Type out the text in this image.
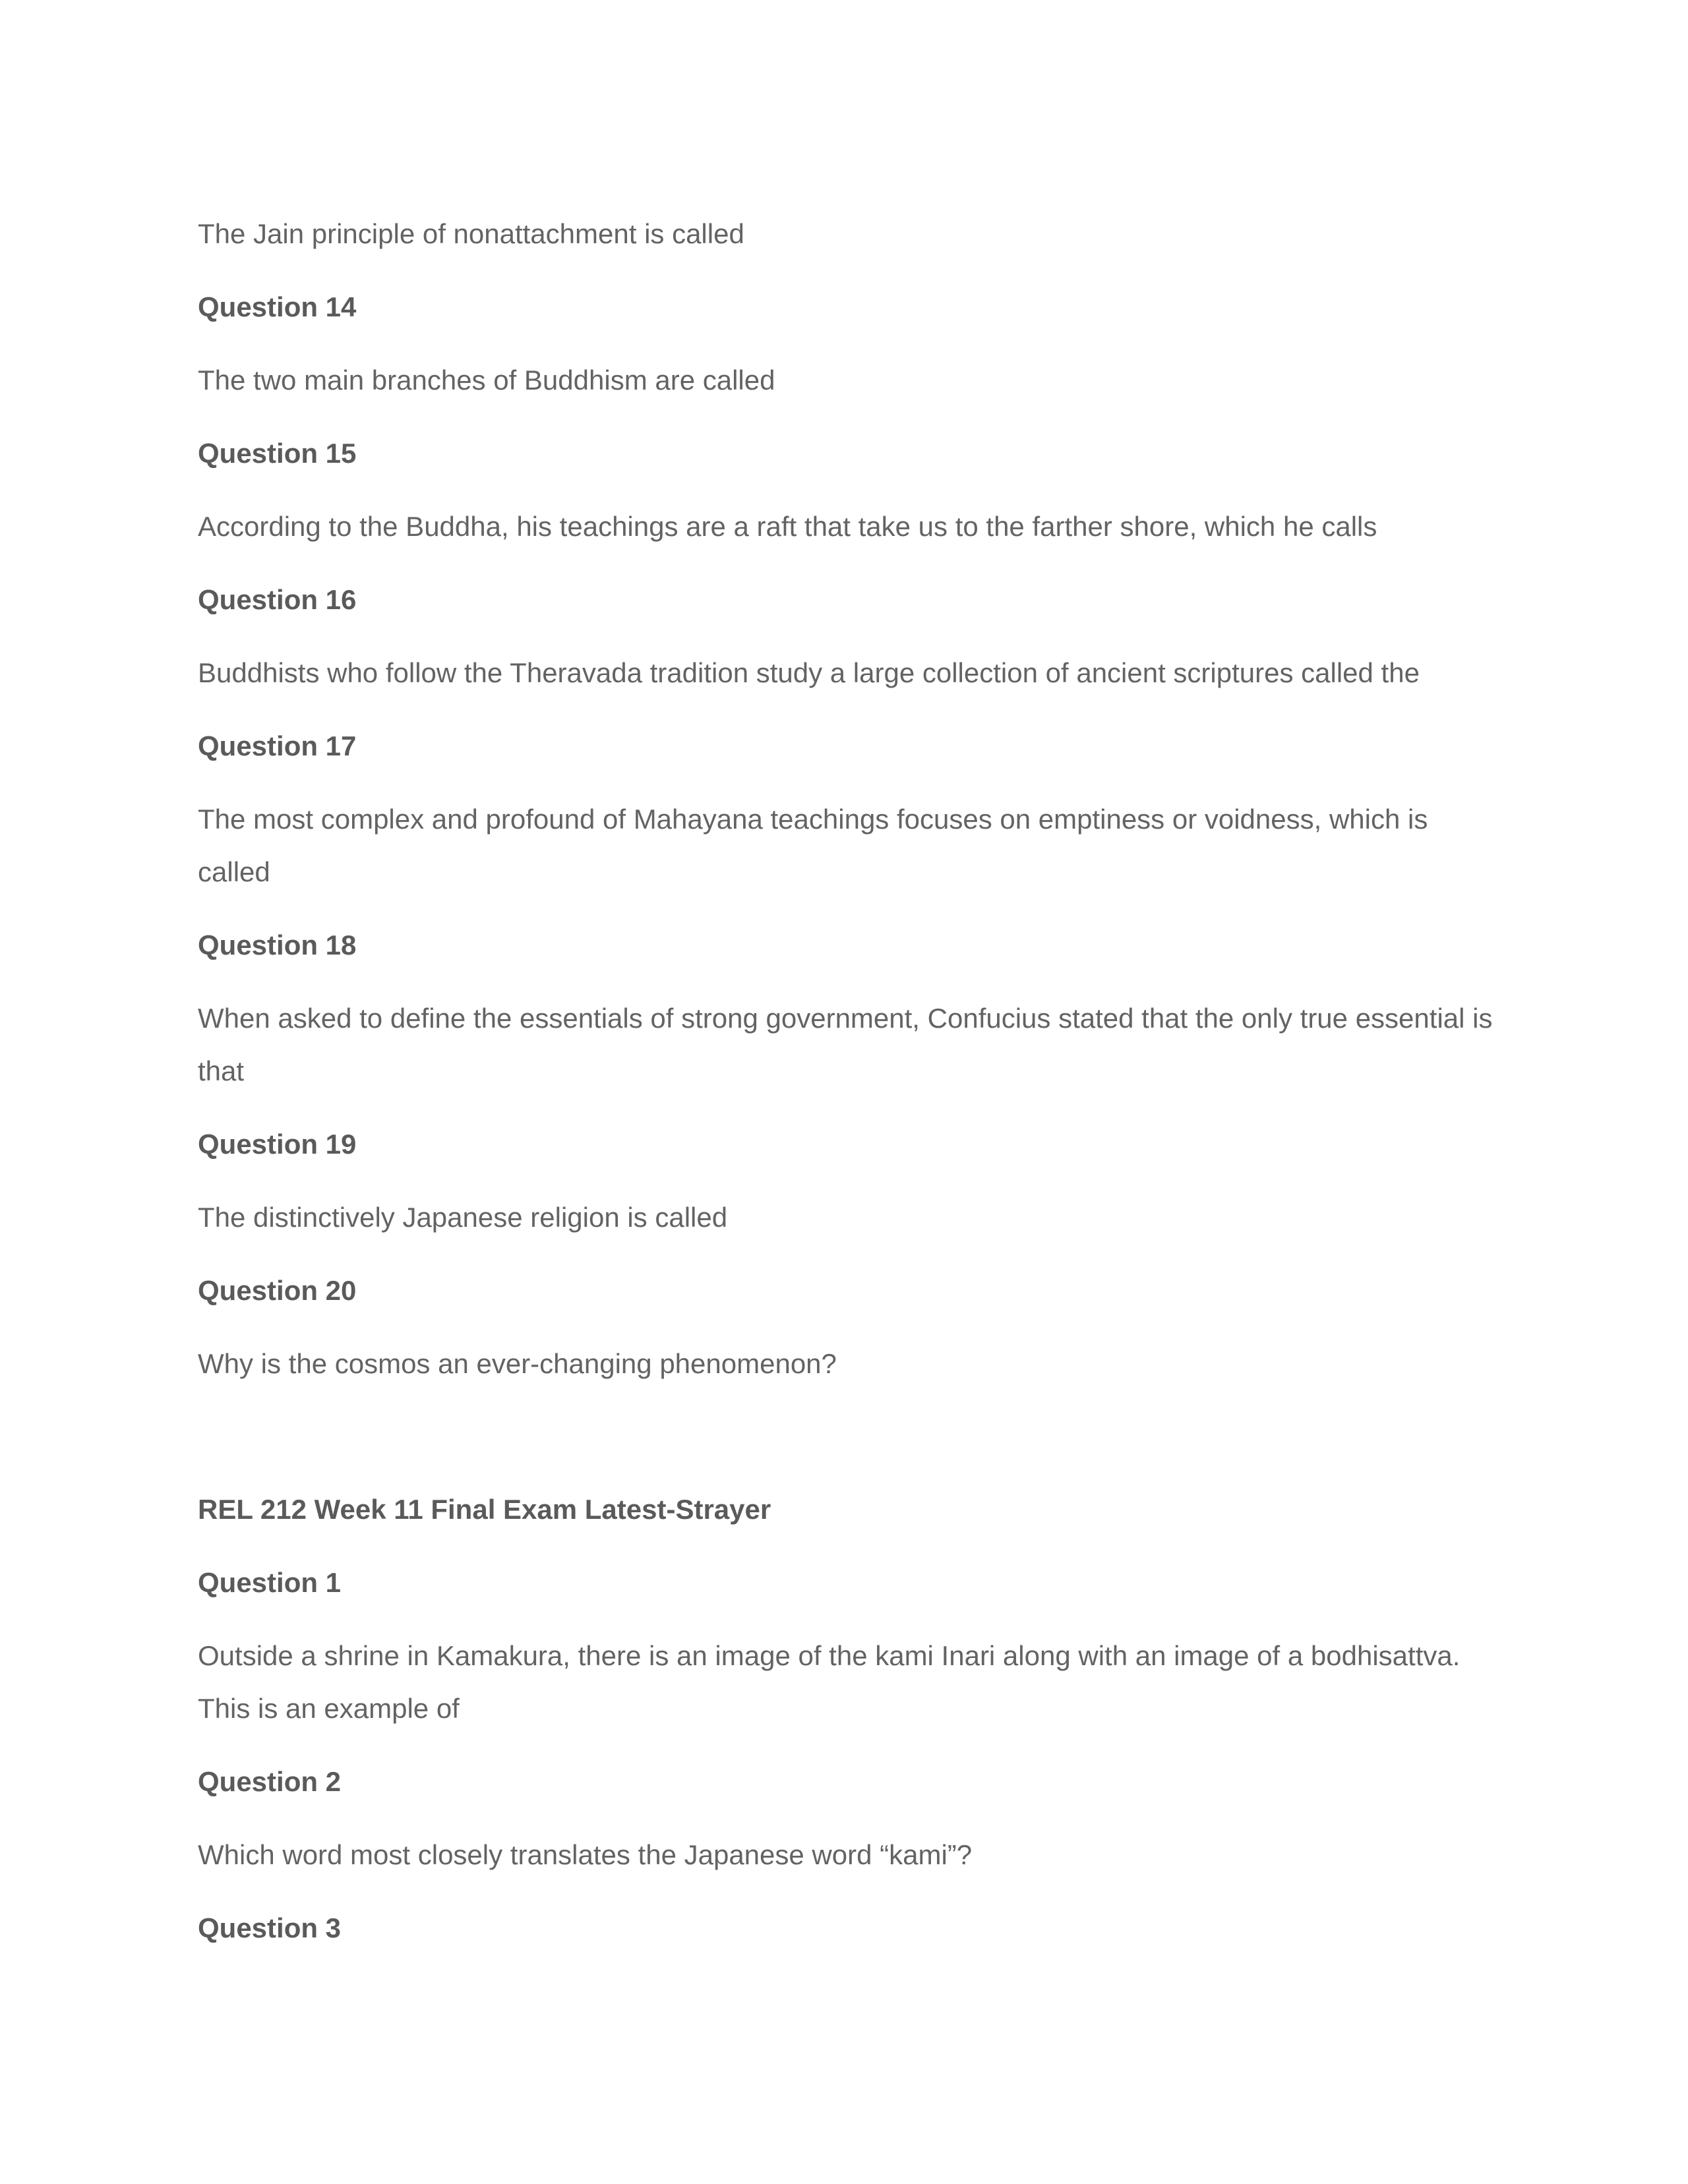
The Jain principle of nonattachment is called
Question 14
The two main branches of Buddhism are called
Question 15
According to the Buddha, his teachings are a raft that take us to the farther shore, which he calls
Question 16
Buddhists who follow the Theravada tradition study a large collection of ancient scriptures called the
Question 17
The most complex and profound of Mahayana teachings focuses on emptiness or voidness, which is
called
Question 18
When asked to define the essentials of strong government, Confucius stated that the only true essential is
that
Question 19
The distinctively Japanese religion is called
Question 20
Why is the cosmos an ever-changing phenomenon?
REL 212 Week 11 Final Exam Latest-Strayer
Question 1
Outside a shrine in Kamakura, there is an image of the kami Inari along with an image of a bodhisattva.
This is an example of
Question 2
Which word most closely translates the Japanese word “kami”?
Question 3
